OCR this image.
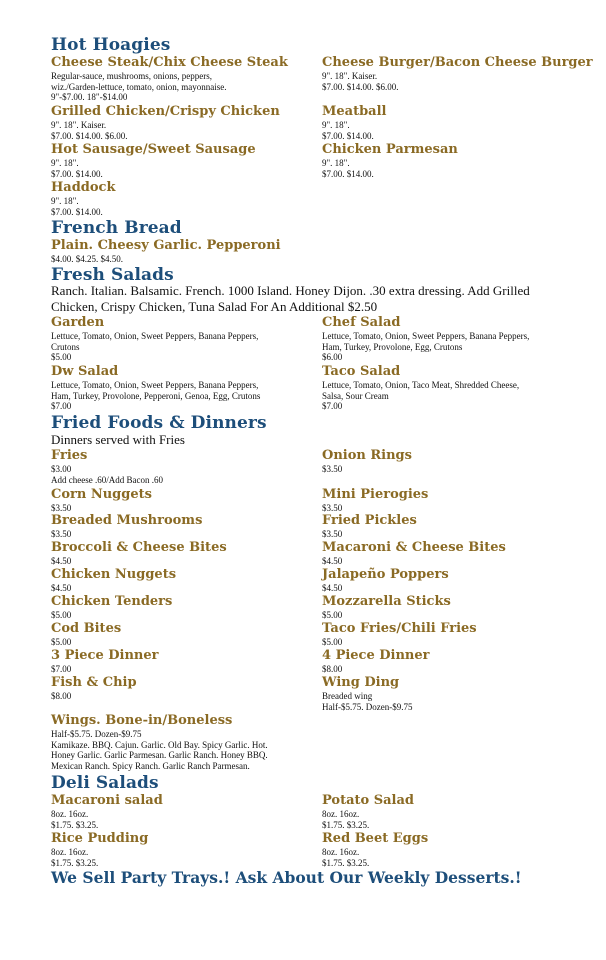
Hot Hoagies
Cheese Steak/Chix Cheese Steak
Regular-sauce, mushrooms, onions, peppers,
wiz./Garden-lettuce, tomato, onion, mayonnaise.
9"-$7.00. 18"-$14.00
Cheese Burger/Bacon Cheese Burger
9". 18". Kaiser.
$7.00. $14.00. $6.00.
Grilled Chicken/Crispy Chicken
9". 18". Kaiser.
$7.00. $14.00. $6.00.
Meatball
9". 18".
$7.00. $14.00.
Hot Sausage/Sweet Sausage
9". 18".
$7.00. $14.00.
Chicken Parmesan
9". 18".
$7.00. $14.00.
Haddock
9". 18".
$7.00. $14.00.
French Bread
Plain. Cheesy Garlic. Pepperoni
$4.00. $4.25. $4.50.
Fresh Salads
Ranch. Italian. Balsamic. French. 1000 Island. Honey Dijon. .30 extra dressing. Add Grilled Chicken, Crispy Chicken, Tuna Salad For An Additional $2.50
Garden
Lettuce, Tomato, Onion, Sweet Peppers, Banana Peppers,
Crutons
$5.00
Chef Salad
Lettuce, Tomato, Onion, Sweet Peppers, Banana Peppers,
Ham, Turkey, Provolone, Egg, Crutons
$6.00
Dw Salad
Lettuce, Tomato, Onion, Sweet Peppers, Banana Peppers,
Ham, Turkey, Provolone, Pepperoni, Genoa, Egg, Crutons
$7.00
Taco Salad
Lettuce, Tomato, Onion, Taco Meat, Shredded Cheese,
Salsa, Sour Cream
$7.00
Fried Foods & Dinners
Dinners served with Fries
Fries
$3.00
Add cheese .60/Add Bacon .60
Onion Rings
$3.50
Corn Nuggets
$3.50
Mini Pierogies
$3.50
Breaded Mushrooms
$3.50
Fried Pickles
$3.50
Broccoli & Cheese Bites
$4.50
Macaroni & Cheese Bites
$4.50
Chicken Nuggets
$4.50
Jalapeño Poppers
$4.50
Chicken Tenders
$5.00
Mozzarella Sticks
$5.00
Cod Bites
$5.00
Taco Fries/Chili Fries
$5.00
3 Piece Dinner
$7.00
4 Piece Dinner
$8.00
Fish & Chip
$8.00
Wing Ding
Breaded wing
Half-$5.75. Dozen-$9.75
Wings. Bone-in/Boneless
Half-$5.75. Dozen-$9.75
Kamikaze. BBQ. Cajun. Garlic. Old Bay. Spicy Garlic. Hot.
Honey Garlic. Garlic Parmesan. Garlic Ranch. Honey BBQ.
Mexican Ranch. Spicy Ranch. Garlic Ranch Parmesan.
Deli Salads
Macaroni salad
8oz. 16oz.
$1.75. $3.25.
Potato Salad
8oz. 16oz.
$1.75. $3.25.
Rice Pudding
8oz. 16oz.
$1.75. $3.25.
Red Beet Eggs
8oz. 16oz.
$1.75. $3.25.
We Sell Party Trays.! Ask About Our Weekly Desserts.!
